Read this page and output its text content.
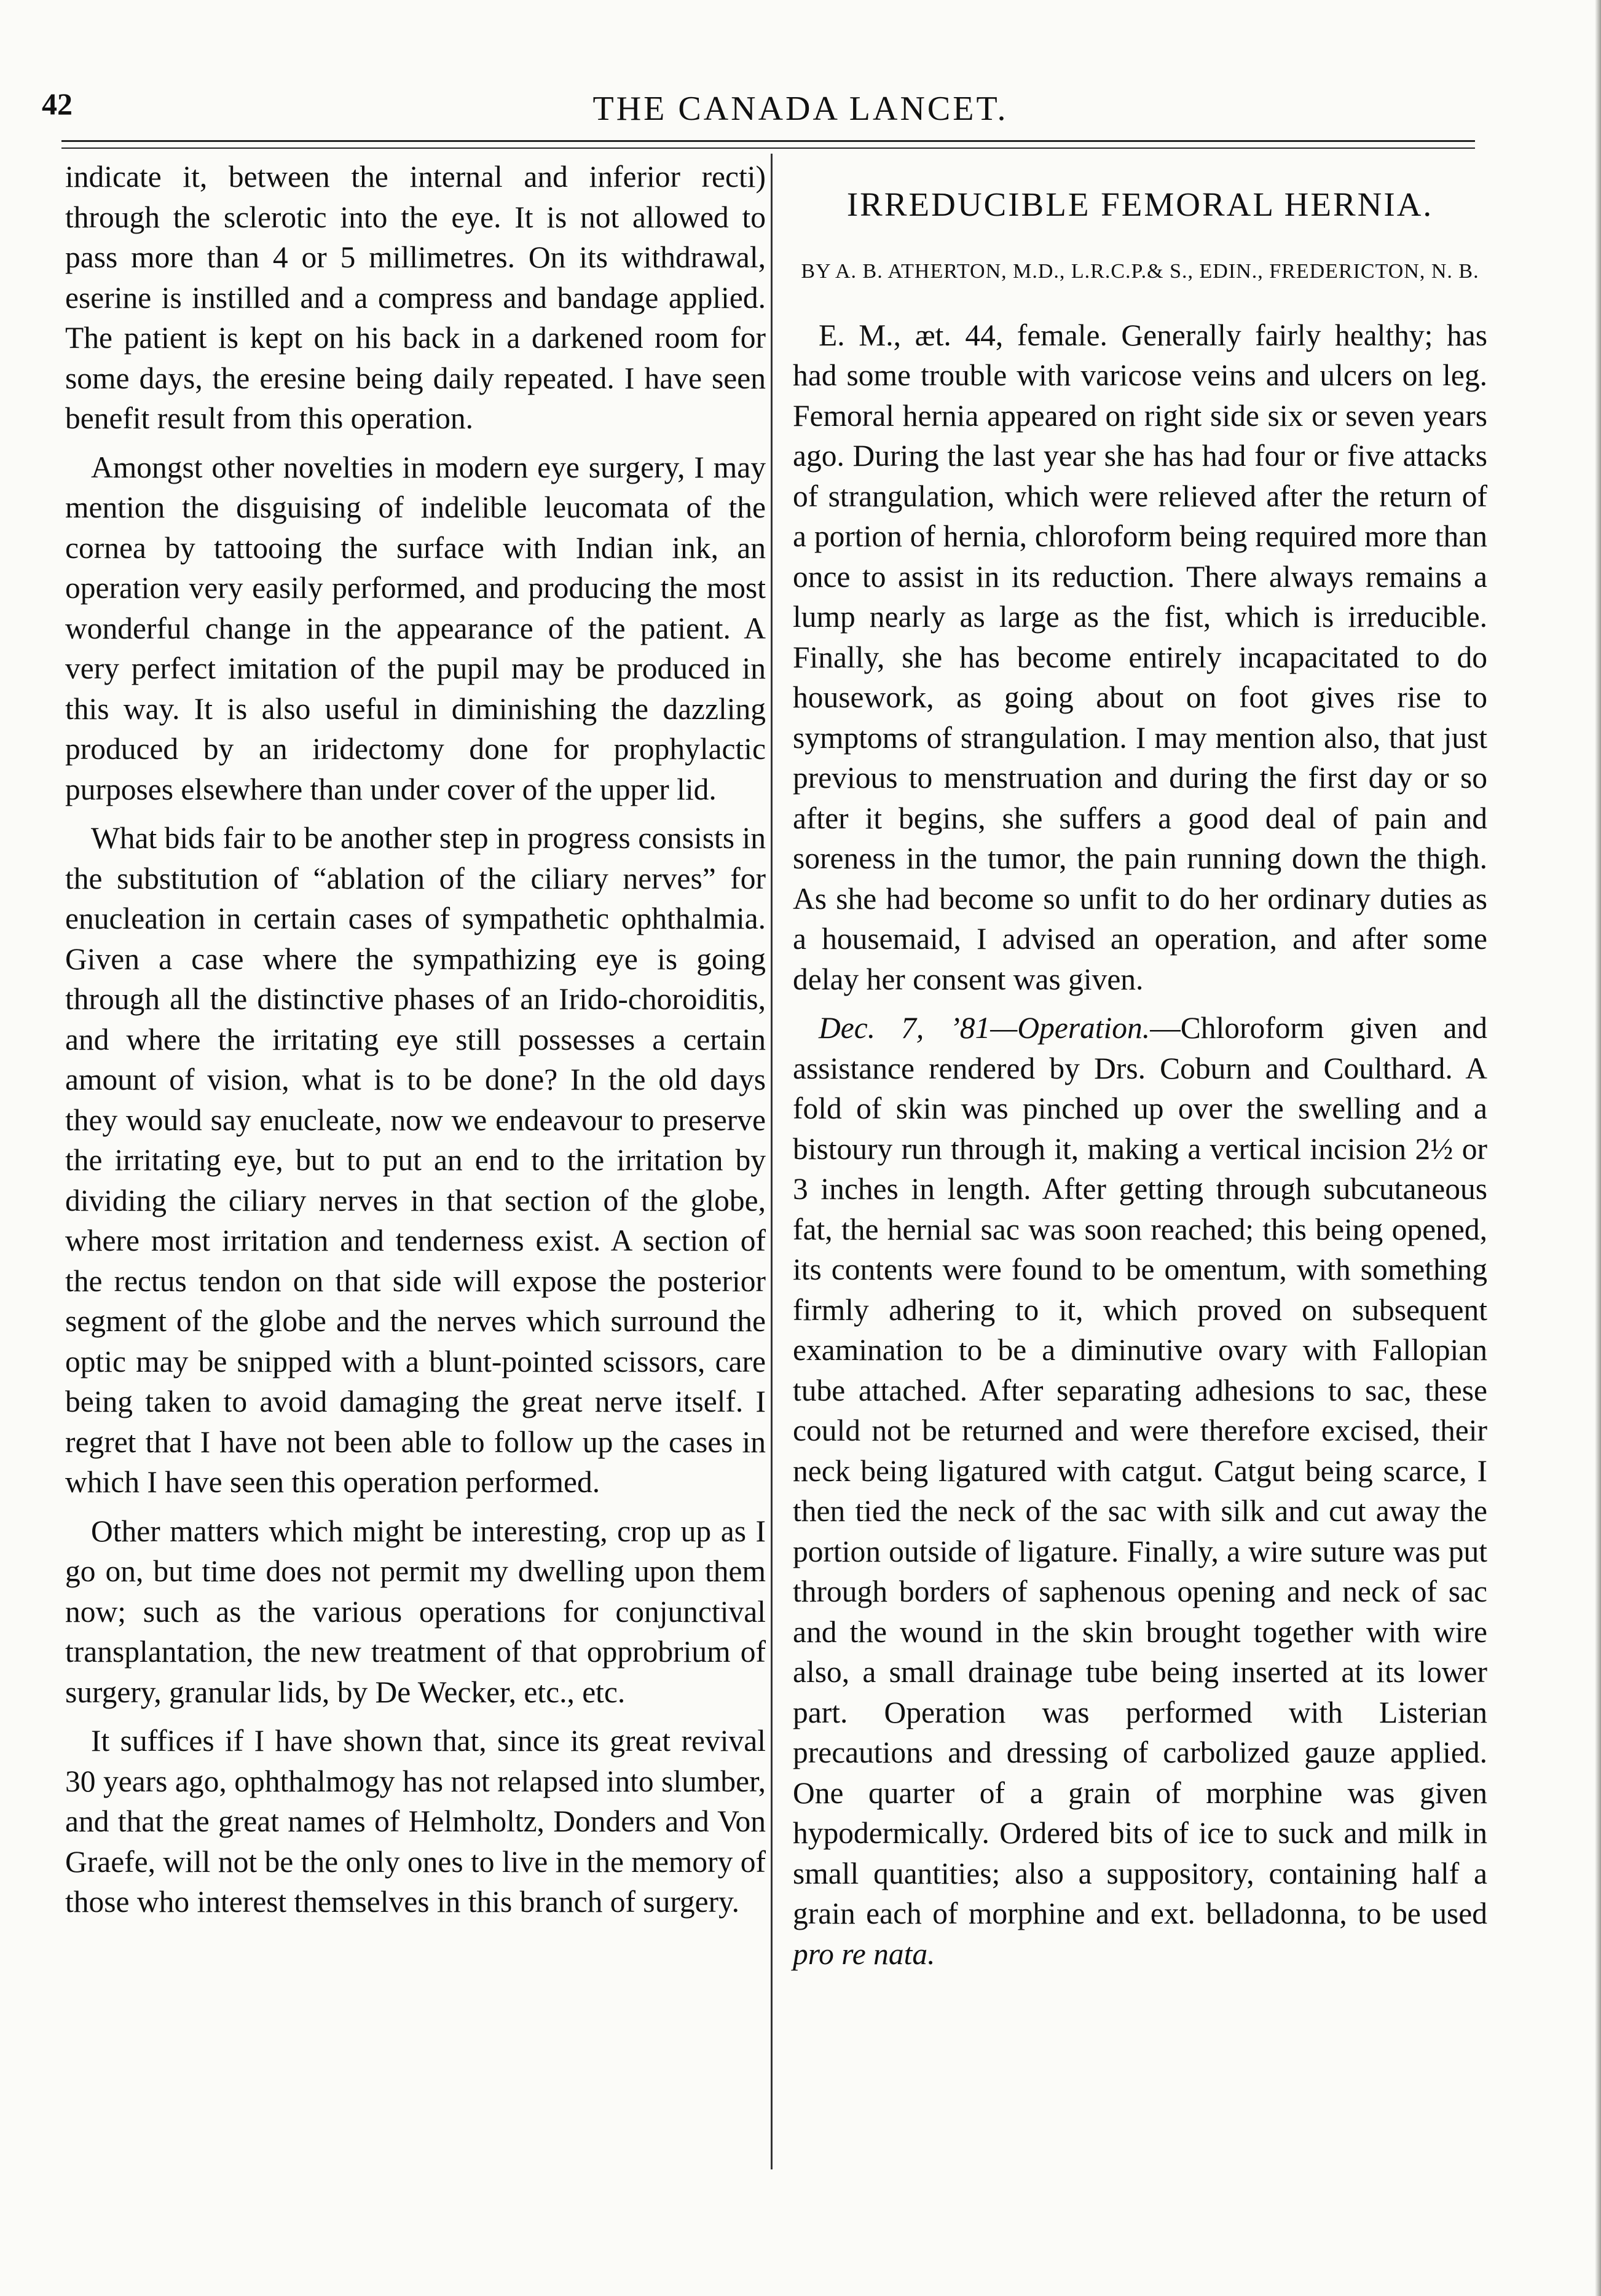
42	THE CANADA LANCET.

indicate it, between the internal and inferior recti) through the sclerotic into the eye. It is not allowed to pass more than 4 or 5 millimetres. On its withdrawal, eserine is instilled and a compress and bandage applied. The patient is kept on his back in a darkened room for some days, the eresine being daily repeated. I have seen benefit result from this operation.

Amongst other novelties in modern eye surgery, I may mention the disguising of indelible leucomata of the cornea by tattooing the surface with Indian ink, an operation very easily performed, and producing the most wonderful change in the appearance of the patient. A very perfect imitation of the pupil may be produced in this way. It is also useful in diminishing the dazzling produced by an iridectomy done for prophylactic purposes elsewhere than under cover of the upper lid.

What bids fair to be another step in progress consists in the substitution of “ablation of the ciliary nerves” for enucleation in certain cases of sympathetic ophthalmia. Given a case where the sympathizing eye is going through all the distinctive phases of an Irido-choroiditis, and where the irritating eye still possesses a certain amount of vision, what is to be done? In the old days they would say enucleate, now we endeavour to preserve the irritating eye, but to put an end to the irritation by dividing the ciliary nerves in that section of the globe, where most irritation and tenderness exist. A section of the rectus tendon on that side will expose the posterior segment of the globe and the nerves which surround the optic may be snipped with a blunt-pointed scissors, care being taken to avoid damaging the great nerve itself. I regret that I have not been able to follow up the cases in which I have seen this operation performed.

Other matters which might be interesting, crop up as I go on, but time does not permit my dwelling upon them now; such as the various operations for conjunctival transplantation, the new treatment of that opprobrium of surgery, granular lids, by De Wecker, etc., etc.

It suffices if I have shown that, since its great revival 30 years ago, ophthalmogy has not relapsed into slumber, and that the great names of Helmholtz, Donders and Von Graefe, will not be the only ones to live in the memory of those who interest themselves in this branch of surgery.

IRREDUCIBLE FEMORAL HERNIA.
BY A. B. ATHERTON, M.D., L.R.C.P.& S., EDIN., FREDERICTON, N. B.

E. M., æt. 44, female. Generally fairly healthy; has had some trouble with varicose veins and ulcers on leg. Femoral hernia appeared on right side six or seven years ago. During the last year she has had four or five attacks of strangulation, which were relieved after the return of a portion of hernia, chloroform being required more than once to assist in its reduction. There always remains a lump nearly as large as the fist, which is irreducible. Finally, she has become entirely incapacitated to do housework, as going about on foot gives rise to symptoms of strangulation. I may mention also, that just previous to menstruation and during the first day or so after it begins, she suffers a good deal of pain and soreness in the tumor, the pain running down the thigh. As she had become so unfit to do her ordinary duties as a housemaid, I advised an operation, and after some delay her consent was given.

Dec. 7, ’81—Operation.—Chloroform given and assistance rendered by Drs. Coburn and Coulthard. A fold of skin was pinched up over the swelling and a bistoury run through it, making a vertical incision 2½ or 3 inches in length. After getting through subcutaneous fat, the hernial sac was soon reached; this being opened, its contents were found to be omentum, with something firmly adhering to it, which proved on subsequent examination to be a diminutive ovary with Fallopian tube attached. After separating adhesions to sac, these could not be returned and were therefore excised, their neck being ligatured with catgut. Catgut being scarce, I then tied the neck of the sac with silk and cut away the portion outside of ligature. Finally, a wire suture was put through borders of saphenous opening and neck of sac and the wound in the skin brought together with wire also, a small drainage tube being inserted at its lower part. Operation was performed with Listerian precautions and dressing of carbolized gauze applied. One quarter of a grain of morphine was given hypodermically. Ordered bits of ice to suck and milk in small quantities; also a suppository, containing half a grain each of morphine and ext. belladonna, to be used pro re nata.
